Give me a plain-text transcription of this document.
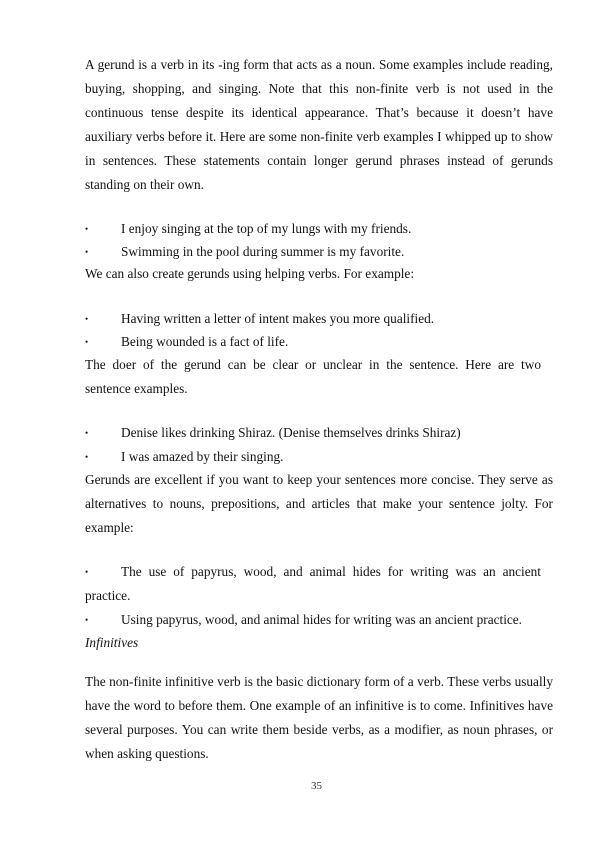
A gerund is a verb in its -ing form that acts as a noun. Some examples include reading, buying, shopping, and singing. Note that this non-finite verb is not used in the continuous tense despite its identical appearance. That’s because it doesn’t have auxiliary verbs before it. Here are some non-finite verb examples I whipped up to show in sentences. These statements contain longer gerund phrases instead of gerunds standing on their own.

• I enjoy singing at the top of my lungs with my friends.
• Swimming in the pool during summer is my favorite.
We can also create gerunds using helping verbs. For example:
• Having written a letter of intent makes you more qualified.
• Being wounded is a fact of life.
The doer of the gerund can be clear or unclear in the sentence. Here are two
sentence examples.
• Denise likes drinking Shiraz. (Denise themselves drinks Shiraz)
• I was amazed by their singing.

Gerunds are excellent if you want to keep your sentences more concise. They serve as alternatives to nouns, prepositions, and articles that make your sentence jolty. For example:

• The use of papyrus, wood, and animal hides for writing was an ancient
practice.
• Using papyrus, wood, and animal hides for writing was an ancient practice.
Infinitives

The non-finite infinitive verb is the basic dictionary form of a verb. These verbs usually have the word to before them. One example of an infinitive is to come. Infinitives have several purposes. You can write them beside verbs, as a modifier, as noun phrases, or when asking questions.

35
